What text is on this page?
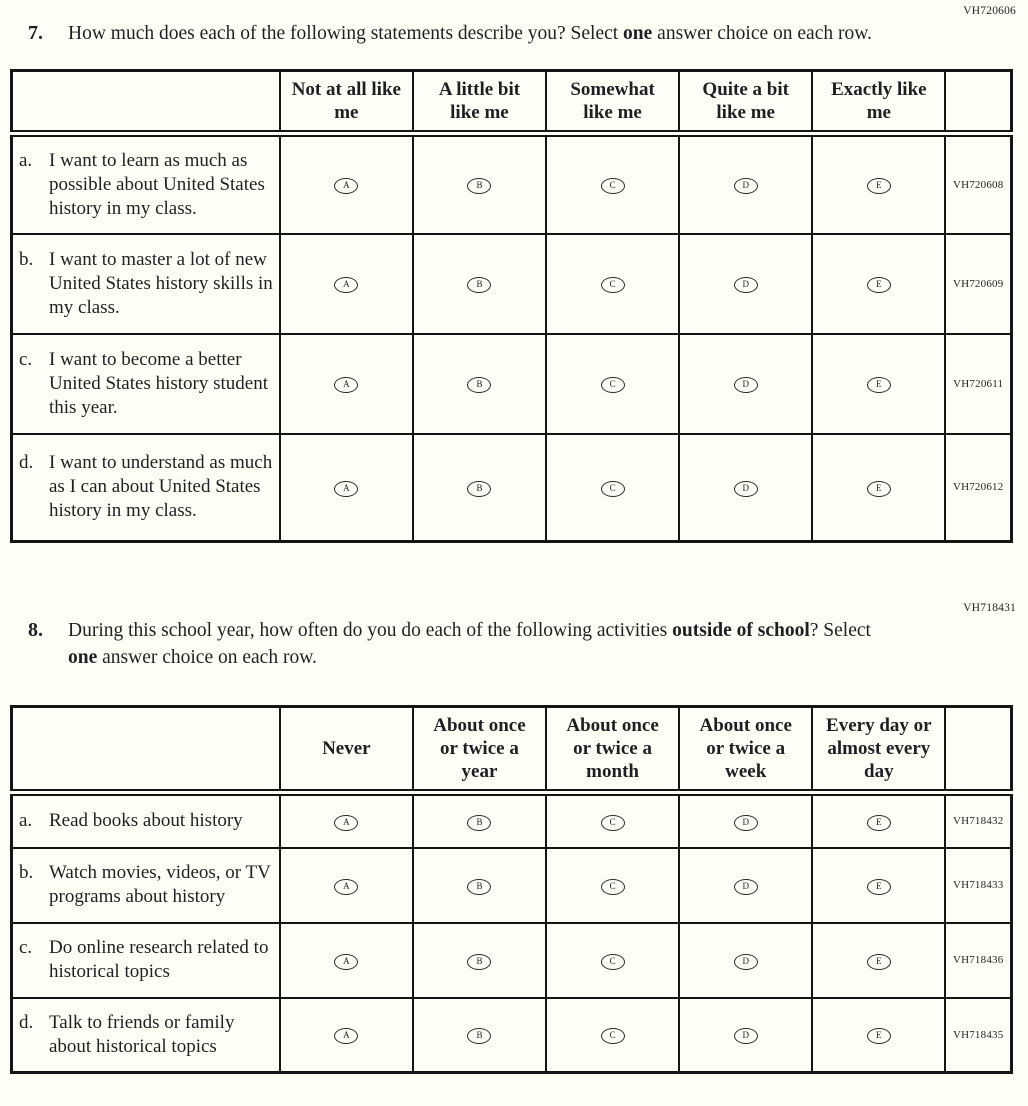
VH720606
7.	How much does each of the following statements describe you? Select one answer choice on each row.
	Not at all like me	A little bit like me	Somewhat like me	Quite a bit like me	Exactly like me	

a. I want to learn as much as possible about United States history in my class.	A	B	C	D	E	VH720608

b. I want to master a lot of new United States history skills in my class.	A	B	C	D	E	VH720609

c. I want to become a better United States history student this year.	A	B	C	D	E	VH720611

d. I want to understand as much as I can about United States history in my class.	A	B	C	D	E	VH720612
VH718431
8.	During this school year, how often do you do each of the following activities outside of school? Select one answer choice on each row.
	Never	About once or twice a year	About once or twice a month	About once or twice a week	Every day or almost every day	

a. Read books about history	A	B	C	D	E	VH718432

b. Watch movies, videos, or TV programs about history	A	B	C	D	E	VH718433

c. Do online research related to historical topics	A	B	C	D	E	VH718436

d. Talk to friends or family about historical topics	A	B	C	D	E	VH718435
